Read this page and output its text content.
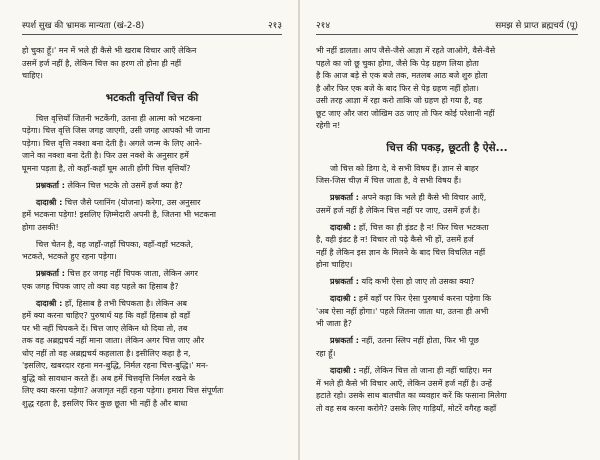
स्पर्श सुख की भ्रामक मान्यता (खं-2-8)	२१३

हो चुका हूँ।' मन में भले ही कैसे भी खराब विचार आएँ लेकिन
उसमें हर्ज नहीं है, लेकिन चित्त का हरण तो होना ही नहीं
चाहिए।

भटकती वृत्तियाँ चित्त की

चित्त वृत्तियाँ जितनी भटकेंगी, उतना ही आत्मा को भटकना
पड़ेगा। चित्त वृत्ति जिस जगह जाएगी, उसी जगह आपको भी जाना
पड़ेगा। चित्त वृत्ति नक्शा बना देती है। अगले जन्म के लिए आने-
जाने का नक्शा बना देती है। फिर उस नक्शे के अनुसार हमें
घूमना पड़ता है, तो कहाँ-कहाँ घूम आती होंगी चित्त वृत्तियाँ?

प्रश्नकर्ता : लेकिन चित्त भटके तो उसमें हर्ज क्या है?

दादाश्री : चित्त जैसे प्लानिंग (योजना) करेगा, उस अनुसार
हमें भटकना पड़ेगा! इसलिए ज़िम्मेदारी अपनी है, जितना भी भटकना
होगा उसकी!

चित्त चेतन है, वह जहाँ-जहाँ चिपका, वहाँ-वहाँ भटकते,
भटकते, भटकते हुए रहना पड़ेगा।

प्रश्नकर्ता : चित्त हर जगह नहीं चिपक जाता, लेकिन अगर
एक जगह चिपक जाए तो क्या वह पहले का हिसाब है?

दादाश्री : हाँ, हिसाब है तभी चिपकता है। लेकिन अब
हमें क्या करना चाहिए? पुरुषार्थ यह कि वहाँ हिसाब हो वहाँ
पर भी नहीं चिपकने दें। चित्त जाए लेकिन धो दिया तो, तब
तक वह अब्रह्मचर्य नहीं माना जाता। लेकिन अगर चित्त जाए और
धोए नहीं तो वह अब्रह्मचर्य कहलाता है। इसीलिए कहा है न,
'इसलिए, खबरदार रहना मन-बुद्धि, निर्मल रहना चित्त-बुद्धि।' मन-
बुद्धि को सावधान करते हैं। अब हमें चित्तवृत्ति निर्मल रखने के
लिए क्या करना पड़ेगा? अजागृत नहीं रहना पड़ेगा। हमारा चित्त संपूर्णतः
शुद्ध रहता है, इसलिए फिर कुछ छूता भी नहीं है और बाधा

२१४	समझ से प्राप्त ब्रह्मचर्य (पू)

भी नहीं डालता। आप जैसे-जैसे आज्ञा में रहते जाओगे, वैसे-वैसे
पहले का जो छू चुका होगा, जैसे कि पेड़ ग्रहण लिया होता
है कि आज बड़े से एक बजे तक, मतलब आठ बजे शुरु होता
है और फिर एक बजे के बाद फिर से पेड़ ग्रहण नहीं होता।
उसी तरह आज्ञा में रहा करो ताकि जो ग्रहण हो गया है, वह
छूट जाए और जरा जोखिम उठ जाए तो फिर कोई परेशानी नहीं
रहेगी न!

चित्त की पकड़, छूटती है ऐसे...

जो चित्त को डिगा दे, वे सभी विषय हैं। ज्ञान से बाहर
जिस-जिस चीज़ में चित्त जाता है, वे सभी विषय हैं।

प्रश्नकर्ता : अपने कहा कि भले ही कैसे भी विचार आएँ,
उसमें हर्ज नहीं है लेकिन चित्त नहीं पर जाए, उसमें हर्ज है।

दादाश्री : हाँ, चित्त का ही इंडट है न! फिर चित्त भटकता
है, वही इंडट है न! विचार तो पढ़े कैसे भी हों, उसमें हर्ज
नहीं है लेकिन इस ज्ञान के मिलने के बाद चित्त विचलित नहीं
होना चाहिए।

प्रश्नकर्ता : यदि कभी ऐसा हो जाए तो उसका क्या?

दादाश्री : हमें वहाँ पर फिर ऐसा पुरुषार्थ करना पड़ेगा कि
'अब ऐसा नहीं होगा।' पहले जितना जाता था, उतना ही अभी
भी जाता है?

प्रश्नकर्ता : नहीं, उतना स्लिप नहीं होता, फिर भी पूछ
रहा हूँ।

दादाश्री : नहीं, लेकिन चित्त तो जाना ही नहीं चाहिए। मन
में भले ही कैसे भी विचार आएँ, लेकिन उसमें हर्ज नहीं है। उन्हें
हटाते रहो। उसके साथ बातचीत का व्यवहार करें कि फसाना मिलेगा
तो वह सब करना करोगे? उसके लिए गाड़ियाँ, मोटरें वगैरह कहाँ
